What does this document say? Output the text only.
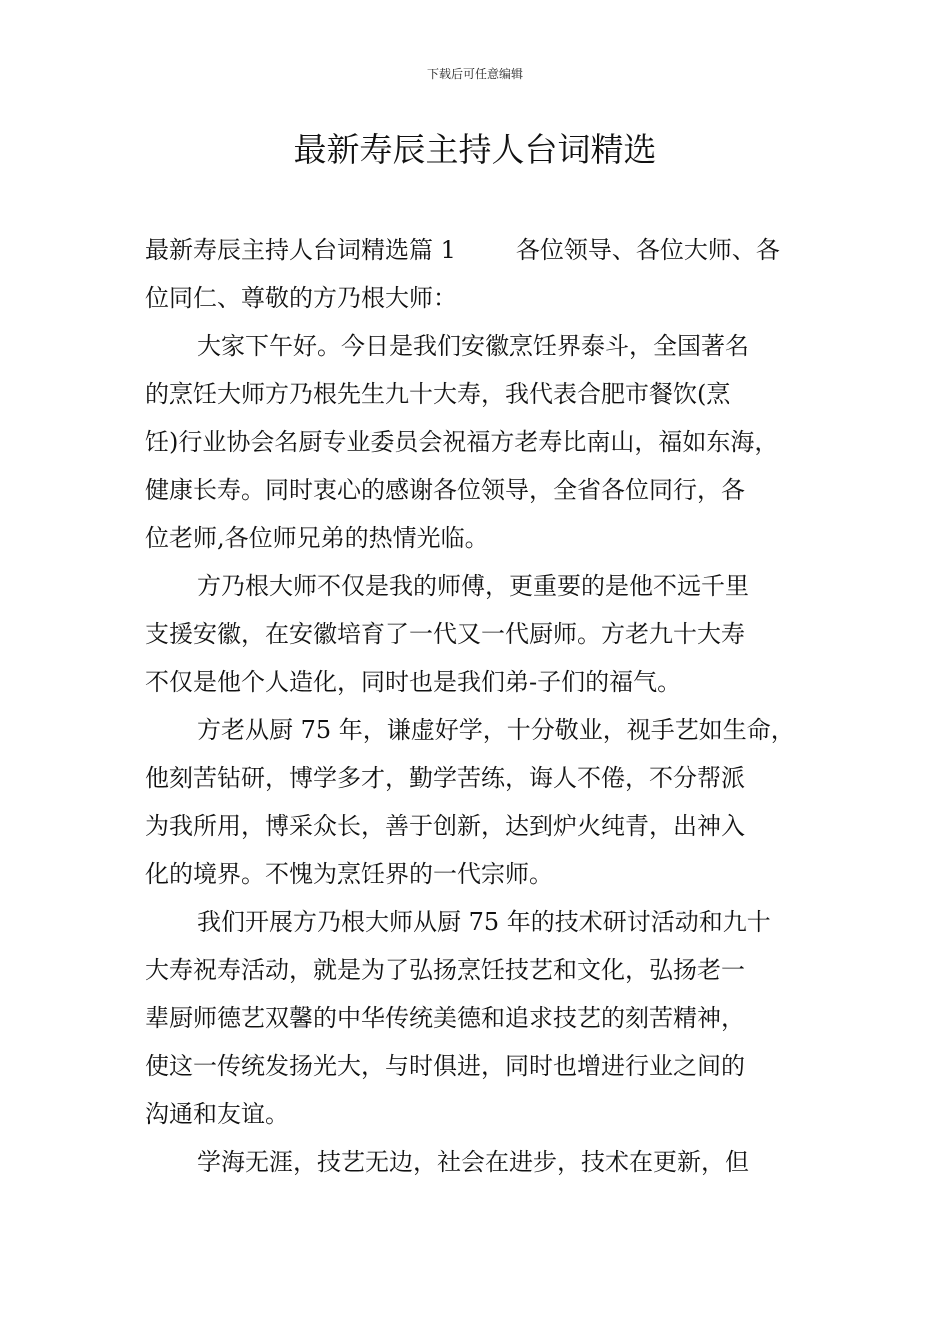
下载后可任意编辑
最新寿辰主持人台词精选

最新寿辰主持人台词精选篇 1	各位领导、各位大师、各
位同仁、尊敬的方乃根大师：

大家下午好。今日是我们安徽烹饪界泰斗，全国著名
的烹饪大师方乃根先生九十大寿，我代表合肥市餐饮(烹
饪)行业协会名厨专业委员会祝福方老寿比南山，福如东海，
健康长寿。同时衷心的感谢各位领导，全省各位同行，各
位老师,各位师兄弟的热情光临。

方乃根大师不仅是我的师傅，更重要的是他不远千里
支援安徽，在安徽培育了一代又一代厨师。方老九十大寿
不仅是他个人造化，同时也是我们弟-子们的福气。

方老从厨 75 年，谦虚好学，十分敬业，视手艺如生命，
他刻苦钻研，博学多才，勤学苦练，诲人不倦，不分帮派
为我所用，博采众长，善于创新，达到炉火纯青，出神入
化的境界。不愧为烹饪界的一代宗师。

我们开展方乃根大师从厨 75 年的技术研讨活动和九十
大寿祝寿活动，就是为了弘扬烹饪技艺和文化，弘扬老一
辈厨师德艺双馨的中华传统美德和追求技艺的刻苦精神，
使这一传统发扬光大，与时俱进，同时也增进行业之间的
沟通和友谊。

学海无涯，技艺无边，社会在进步，技术在更新，但
